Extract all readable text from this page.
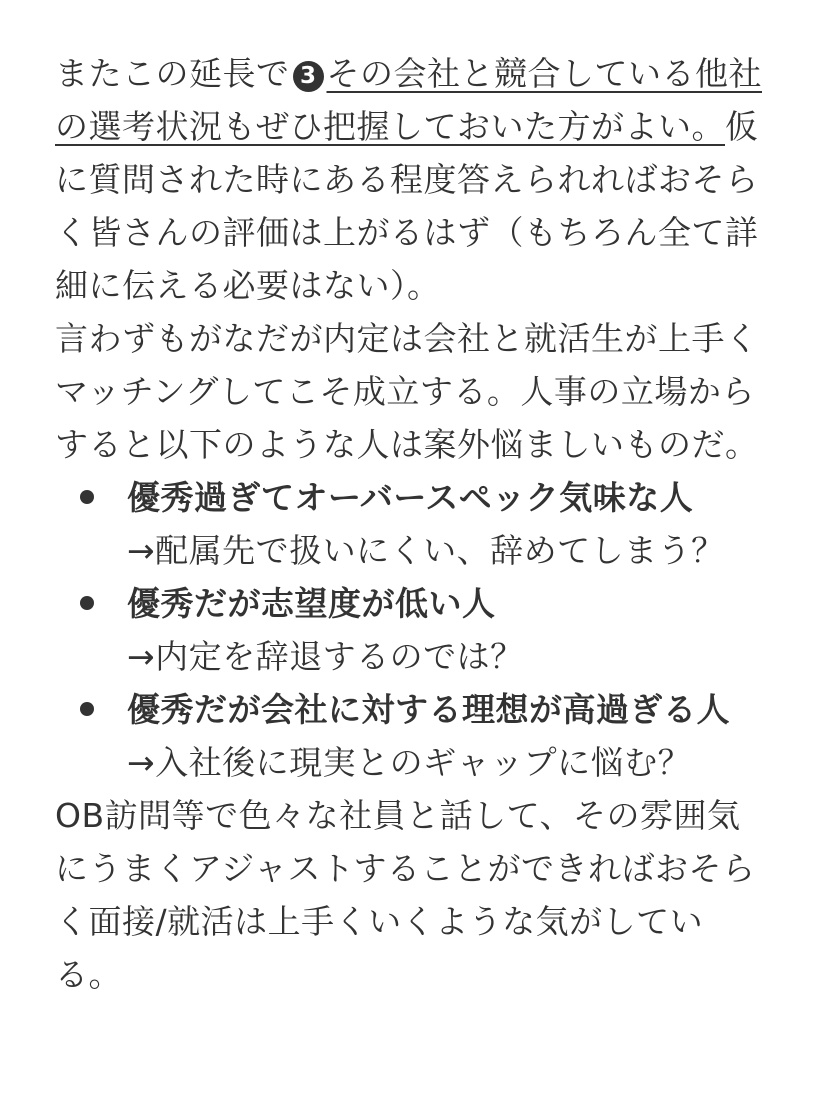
またこの延長で 3 その会社と競合している他社の選考状況もぜひ把握しておいた方がよい。仮に質問された時にある程度答えられればおそらく皆さんの評価は上がるはず（もちろん全て詳細に伝える必要はない）。

言わずもがなだが内定は会社と就活生が上手くマッチングしてこそ成立する。人事の立場からすると以下のような人は案外悩ましいものだ。

優秀過ぎてオーバースペック気味な人
→配属先で扱いにくい、辞めてしまう？
優秀だが志望度が低い人
→内定を辞退するのでは？
優秀だが会社に対する理想が高過ぎる人
→入社後に現実とのギャップに悩む？

OB訪問等で色々な社員と話して、その雰囲気にうまくアジャストすることができればおそらく面接/就活は上手くいくような気がしている。
